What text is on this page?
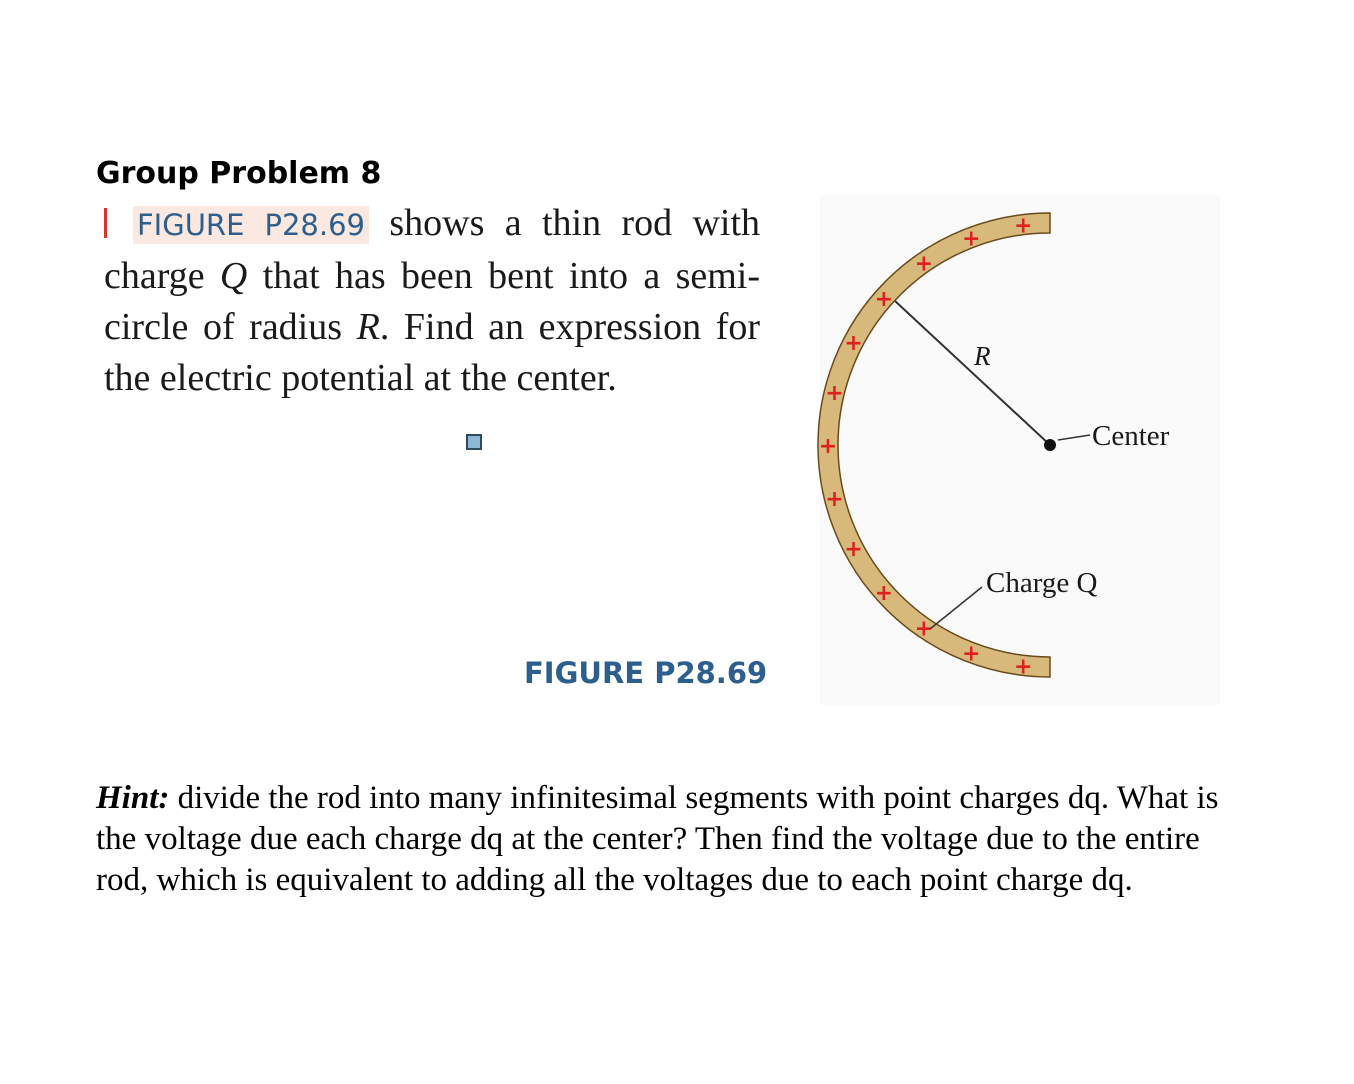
Group Problem 8
FIGURE P28.69 shows a thin rod with charge Q that has been bent into a semi-circle of radius R. Find an expression for the electric potential at the center.
FIGURE P28.69	+
+
+
+
+
+
+
+
+
+
+
+
+
R
Center
Charge Q
Hint: divide the rod into many infinitesimal segments with point charges dq. What is the voltage due each charge dq at the center? Then find the voltage due to the entire rod, which is equivalent to adding all the voltages due to each point charge dq.
